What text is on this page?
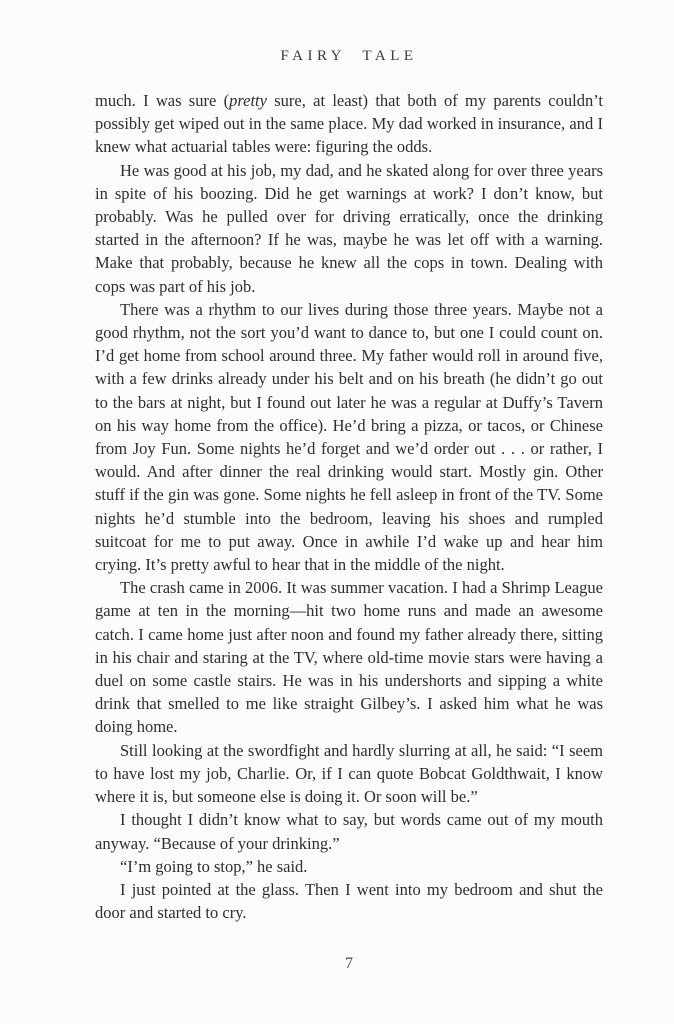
FAIRY TALE

much. I was sure (pretty sure, at least) that both of my parents couldn’t possibly get wiped out in the same place. My dad worked in insurance, and I knew what actuarial tables were: figuring the odds.

He was good at his job, my dad, and he skated along for over three years in spite of his boozing. Did he get warnings at work? I don’t know, but probably. Was he pulled over for driving erratically, once the drinking started in the afternoon? If he was, maybe he was let off with a warning. Make that probably, because he knew all the cops in town. Dealing with cops was part of his job.

There was a rhythm to our lives during those three years. Maybe not a good rhythm, not the sort you’d want to dance to, but one I could count on. I’d get home from school around three. My father would roll in around five, with a few drinks already under his belt and on his breath (he didn’t go out to the bars at night, but I found out later he was a regular at Duffy’s Tavern on his way home from the office). He’d bring a pizza, or tacos, or Chinese from Joy Fun. Some nights he’d forget and we’d order out . . . or rather, I would. And after dinner the real drinking would start. Mostly gin. Other stuff if the gin was gone. Some nights he fell asleep in front of the TV. Some nights he’d stumble into the bedroom, leaving his shoes and rumpled suitcoat for me to put away. Once in awhile I’d wake up and hear him crying. It’s pretty awful to hear that in the middle of the night.

The crash came in 2006. It was summer vacation. I had a Shrimp League game at ten in the morning—hit two home runs and made an awesome catch. I came home just after noon and found my father already there, sitting in his chair and staring at the TV, where old-time movie stars were having a duel on some castle stairs. He was in his undershorts and sipping a white drink that smelled to me like straight Gilbey’s. I asked him what he was doing home.

Still looking at the swordfight and hardly slurring at all, he said: “I seem to have lost my job, Charlie. Or, if I can quote Bobcat Goldthwait, I know where it is, but someone else is doing it. Or soon will be.”

I thought I didn’t know what to say, but words came out of my mouth anyway. “Because of your drinking.”

“I’m going to stop,” he said.

I just pointed at the glass. Then I went into my bedroom and shut the door and started to cry.

7
